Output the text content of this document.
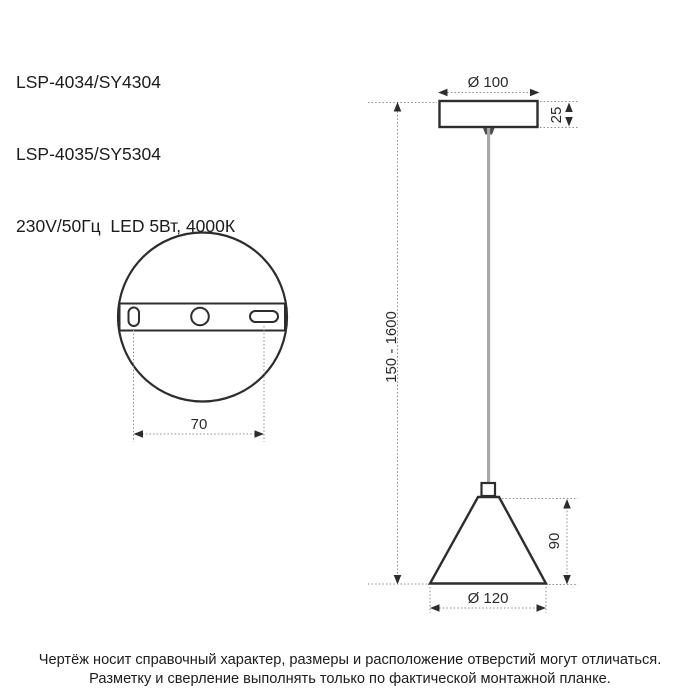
LSP-4034/SY4304

LSP-4035/SY5304

230V/50Гц  LED 5Вт, 4000К

150 - 1600
Ø 100
25
90
Ø 120
70
Чертёж носит справочный характер, размеры и расположение отверстий могут отличаться.
Разметку и сверление выполнять только по фактической монтажной планке.
